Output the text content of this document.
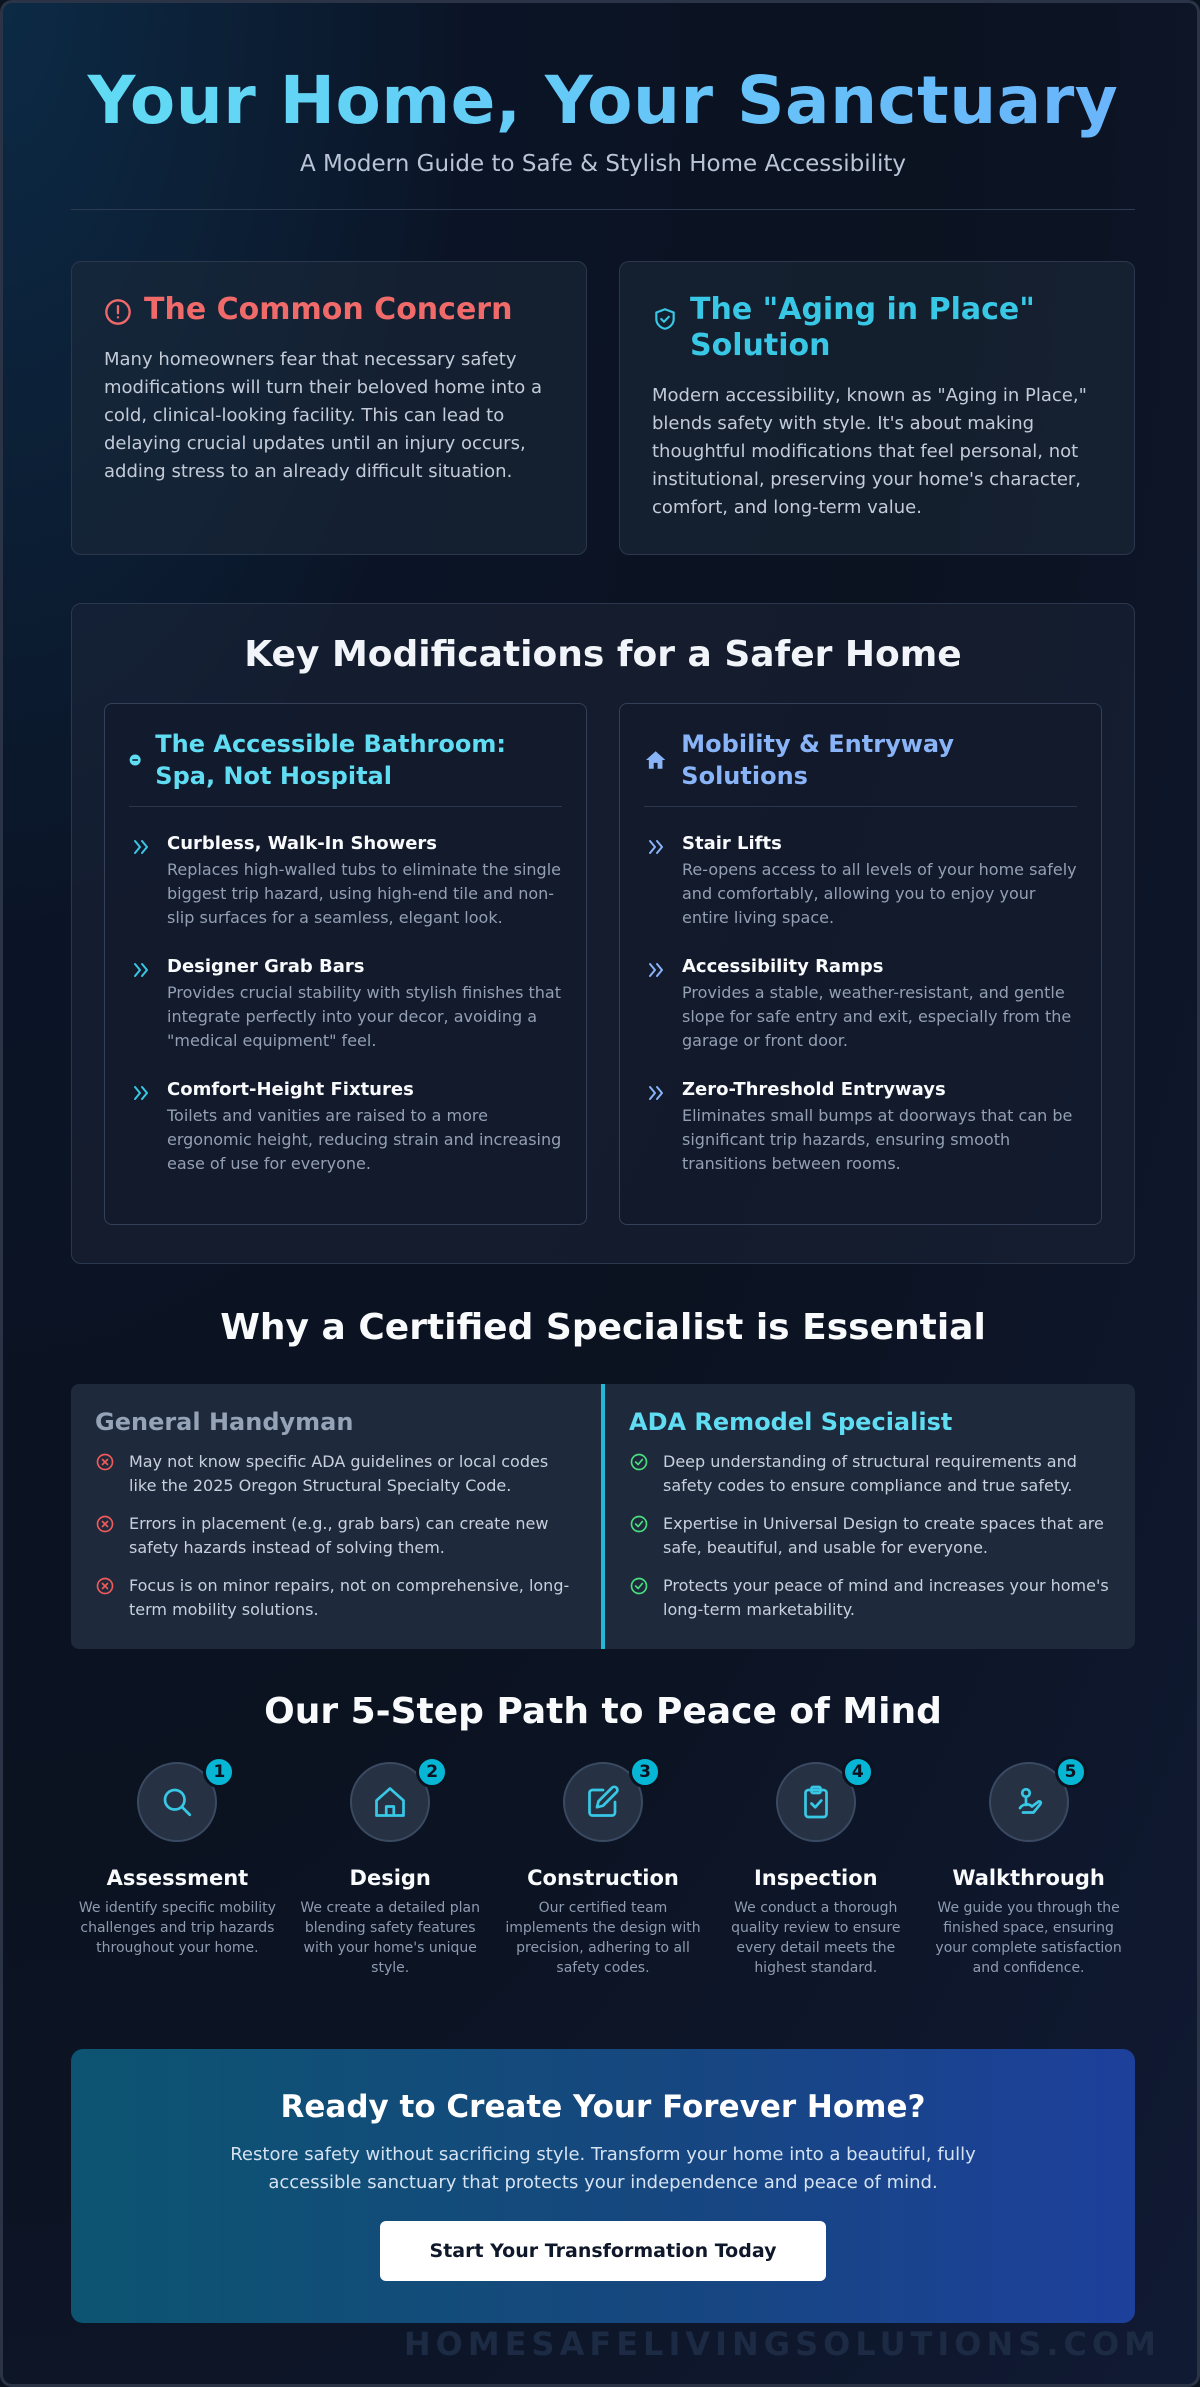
Your Home, Your Sanctuary

A Modern Guide to Safe & Stylish Home Accessibility

The Common Concern

Many homeowners fear that necessary safety modifications will turn their beloved home into a cold, clinical-looking facility. This can lead to delaying crucial updates until an injury occurs, adding stress to an already difficult situation.

The "Aging in Place" Solution

Modern accessibility, known as "Aging in Place," blends safety with style. It's about making thoughtful modifications that feel personal, not institutional, preserving your home's character, comfort, and long-term value.

Key Modifications for a Safer Home
The Accessible Bathroom: Spa, Not Hospital
Curbless, Walk-In Showers

Replaces high-walled tubs to eliminate the single biggest trip hazard, using high-end tile and non-slip surfaces for a seamless, elegant look.

Designer Grab Bars

Provides crucial stability with stylish finishes that integrate perfectly into your decor, avoiding a "medical equipment" feel.

Comfort-Height Fixtures

Toilets and vanities are raised to a more ergonomic height, reducing strain and increasing ease of use for everyone.

Mobility & Entryway Solutions
Stair Lifts

Re-opens access to all levels of your home safely and comfortably, allowing you to enjoy your entire living space.

Accessibility Ramps

Provides a stable, weather-resistant, and gentle slope for safe entry and exit, especially from the garage or front door.

Zero-Threshold Entryways

Eliminates small bumps at doorways that can be significant trip hazards, ensuring smooth transitions between rooms.

Why a Certified Specialist is Essential
General Handyman
May not know specific ADA guidelines or local codes like the 2025 Oregon Structural Specialty Code.
Errors in placement (e.g., grab bars) can create new safety hazards instead of solving them.
Focus is on minor repairs, not on comprehensive, long-term mobility solutions.
ADA Remodel Specialist
Deep understanding of structural requirements and safety codes to ensure compliance and true safety.
Expertise in Universal Design to create spaces that are safe, beautiful, and usable for everyone.
Protects your peace of mind and increases your home's long-term marketability.
Our 5-Step Path to Peace of Mind
1
Assessment

We identify specific mobility challenges and trip hazards throughout your home.

2
Design

We create a detailed plan blending safety features with your home's unique style.

3
Construction

Our certified team implements the design with precision, adhering to all safety codes.

4
Inspection

We conduct a thorough quality review to ensure every detail meets the highest standard.

5
Walkthrough

We guide you through the finished space, ensuring your complete satisfaction and confidence.

Ready to Create Your Forever Home?

Restore safety without sacrificing style. Transform your home into a beautiful, fully accessible sanctuary that protects your independence and peace of mind.

Start Your Transformation Today
HOMESAFELIVINGSOLUTIONS.COM
